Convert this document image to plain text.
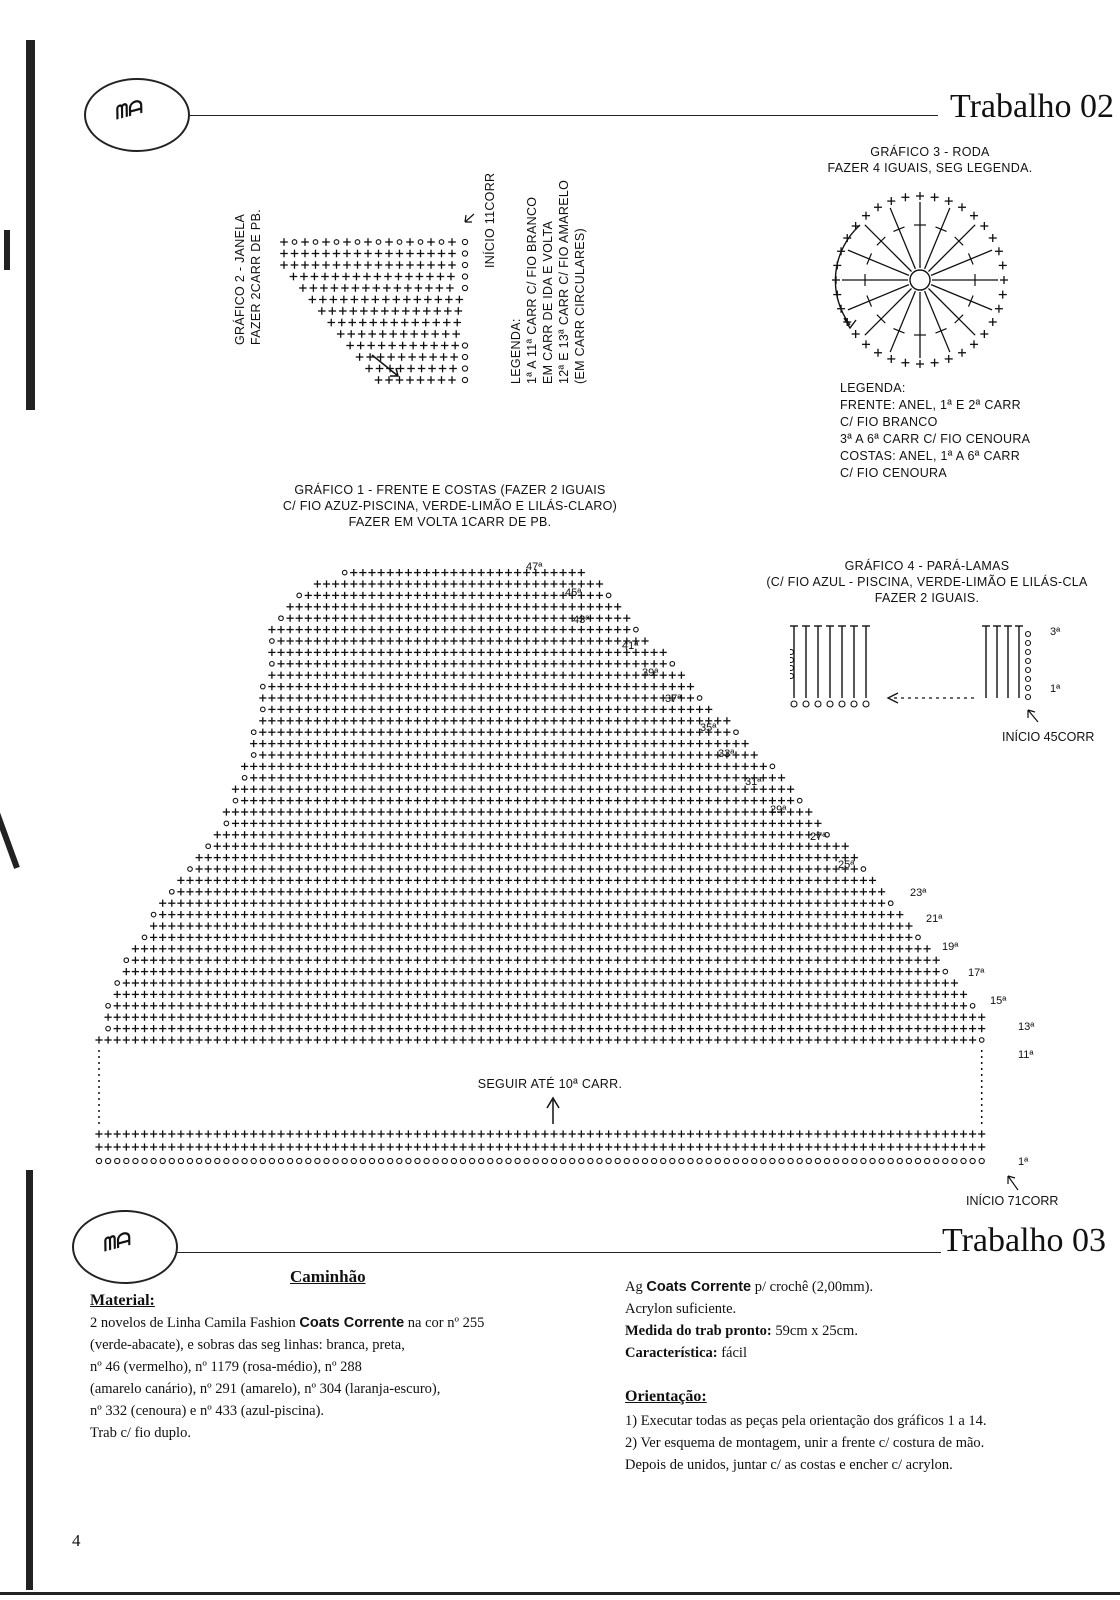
ᗰᗩ	Trabalho 02
GRÁFICO 2 - JANELA FAZER 2CARR DE PB.	INÍCIO 11CORR
LEGENDA: 1ª A 11ª CARR C/ FIO BRANCO EM CARR DE IDA E VOLTA 12ª E 13ª CARR C/ FIO AMARELO (EM CARR CIRCULARES)
GRÁFICO 3 - RODA
FAZER 4 IGUAIS, SEG LEGENDA.
LEGENDA:
FRENTE: ANEL, 1ª E 2ª CARR
C/ FIO BRANCO
3ª A 6ª CARR C/ FIO CENOURA
COSTAS: ANEL, 1ª A 6ª CARR
C/ FIO CENOURA
GRÁFICO 1 - FRENTE E COSTAS (FAZER 2 IGUAIS
C/ FIO AZUZ-PISCINA, VERDE-LIMÃO E LILÁS-CLARO)
FAZER EM VOLTA 1CARR DE PB.
47ª
45ª
43ª
41ª
39ª
37ª
35ª
33ª
31ª
29ª
27ª
25ª
23ª
21ª
19ª
17ª
15ª
13ª
11ª
1ª
SEGUIR ATÉ 10ª CARR.
INÍCIO 71CORR
GRÁFICO 4 - PARÁ-LAMAS
(C/ FIO AZUL - PISCINA, VERDE-LIMÃO E LILÁS-CLA
FAZER 2 IGUAIS.
3ª
1ª
INÍCIO 45CORR
ᗰᗩ	Trabalho 03
Caminhão
Material:
2 novelos de Linha Camila Fashion Coats Corrente na cor nº 255
(verde-abacate), e sobras das seg linhas: branca, preta,
nº 46 (vermelho), nº 1179 (rosa-médio), nº 288
(amarelo canário), nº 291 (amarelo), nº 304 (laranja-escuro),
nº 332 (cenoura) e nº 433 (azul-piscina).
Trab c/ fio duplo.
Ag Coats Corrente p/ crochê (2,00mm).
Acrylon suficiente.
Medida do trab pronto: 59cm x 25cm.
Característica: fácil
Orientação:
1) Executar todas as peças pela orientação dos gráficos 1 a 14.
2) Ver esquema de montagem, unir a frente c/ costura de mão.
Depois de unidos, juntar c/ as costas e encher c/ acrylon.
4
